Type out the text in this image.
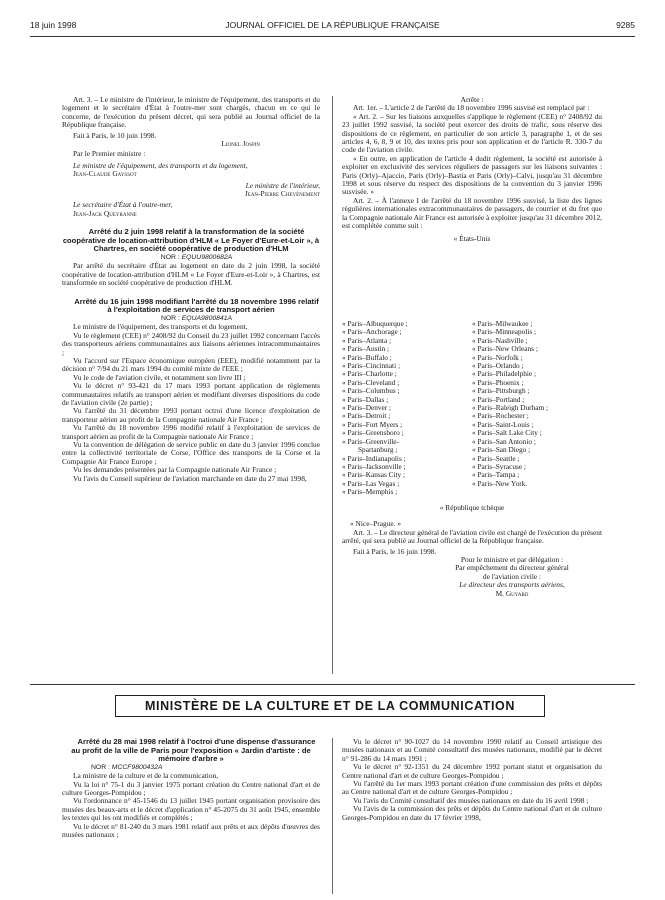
18 juin 1998	JOURNAL OFFICIEL DE LA RÉPUBLIQUE FRANÇAISE	9285

Art. 3. – Le ministre de l'intérieur, le ministre de l'équipement, des transports et du logement et le secrétaire d'État à l'outre-mer sont chargés, chacun en ce qui le concerne, de l'exécution du présent décret, qui sera publié au Journal officiel de la République française.

Fait à Paris, le 10 juin 1998.

Lionel Jospin

Par le Premier ministre :

Le ministre de l'équipement, des transports et du logement,

Jean-Claude Gayssot

Le ministre de l'intérieur,

Jean-Pierre Chevènement

Le secrétaire d'État à l'outre-mer,

Jean-Jack Queyranne

Arrêté du 2 juin 1998 relatif à la transformation de la société coopérative de location-attribution d'HLM « Le Foyer d'Eure-et-Loir », à Chartres, en société coopérative de production d'HLM

NOR : EQUU9800682A

Par arrêté du secrétaire d'État au logement en date du 2 juin 1998, la société coopérative de location-attribution d'HLM « Le Foyer d'Eure-et-Loir », à Chartres, est transformée en société coopérative de production d'HLM.

Arrêté du 16 juin 1998 modifiant l'arrêté du 18 novembre 1996 relatif à l'exploitation de services de transport aérien

NOR : EQUA9800841A

Le ministre de l'équipement, des transports et du logement,

Vu le règlement (CEE) n° 2408/92 du Conseil du 23 juillet 1992 concernant l'accès des transporteurs aériens communautaires aux liaisons aériennes intracommunautaires ;

Vu l'accord sur l'Espace économique européen (EEE), modifié notamment par la décision n° 7/94 du 21 mars 1994 du comité mixte de l'EEE ;

Vu le code de l'aviation civile, et notamment son livre III ;

Vu le décret n° 93-421 du 17 mars 1993 portant application de règlements communautaires relatifs au transport aérien et modifiant diverses dispositions du code de l'aviation civile (2e partie) ;

Vu l'arrêté du 31 décembre 1993 portant octroi d'une licence d'exploitation de transporteur aérien au profit de la Compagnie nationale Air France ;

Vu l'arrêté du 18 novembre 1996 modifié relatif à l'exploitation de services de transport aérien au profit de la Compagnie nationale Air France ;

Vu la convention de délégation de service public en date du 3 janvier 1996 conclue entre la collectivité territoriale de Corse, l'Office des transports de la Corse et la Compagnie Air France Europe ;

Vu les demandes présentées par la Compagnie nationale Air France ;

Vu l'avis du Conseil supérieur de l'aviation marchande en date du 27 mai 1998,

Arrête :

Art. 1er. – L'article 2 de l'arrêté du 18 novembre 1996 susvisé est remplacé par :

« Art. 2. – Sur les liaisons auxquelles s'applique le règlement (CEE) n° 2408/92 du 23 juillet 1992 susvisé, la société peut exercer des droits de trafic, sous réserve des dispositions de ce règlement, en particulier de son article 3, paragraphe 1, et de ses articles 4, 6, 8, 9 et 10, des textes pris pour son application et de l'article R. 330-7 du code de l'aviation civile.

« En outre, en application de l'article 4 dudit règlement, la société est autorisée à exploiter en exclusivité des services réguliers de passagers sur les liaisons suivantes : Paris (Orly)–Ajaccio, Paris (Orly)–Bastia et Paris (Orly)–Calvi, jusqu'au 31 décembre 1998 et sous réserve du respect des dispositions de la convention du 3 janvier 1996 susvisée. »

Art. 2. – À l'annexe I de l'arrêté du 18 novembre 1996 susvisé, la liste des lignes régulières internationales extracommunautaires de passagers, de courrier et du fret que la Compagnie nationale Air France est autorisée à exploiter jusqu'au 31 décembre 2012, est complétée comme suit :

« États-Unis

« Paris–Albuquerque ;
« Paris–Anchorage ;
« Paris–Atlanta ;
« Paris–Austin ;
« Paris–Buffalo ;
« Paris–Cincinnati ;
« Paris–Charlotte ;
« Paris–Cleveland ;
« Paris–Columbus ;
« Paris–Dallas ;
« Paris–Denver ;
« Paris–Detroit ;
« Paris–Fort Myers ;
« Paris–Greensboro ;
« Paris–Greenville-
Spartanburg ;
« Paris–Indianapolis ;
« Paris–Jacksonville ;
« Paris–Kansas City ;
« Paris–Las Vegas ;
« Paris–Memphis ;
« Paris–Milwaukee ;
« Paris–Minneapolis ;
« Paris–Nashville ;
« Paris–New Orleans ;
« Paris–Norfolk ;
« Paris–Orlando ;
« Paris–Philadelphie ;
« Paris–Phoenix ;
« Paris–Pittsburgh ;
« Paris–Portland ;
« Paris–Raleigh Durham ;
« Paris–Rochester ;
« Paris–Saint-Louis ;
« Paris–Salt Lake City ;
« Paris–San Antonio ;
« Paris–San Diego ;
« Paris–Seattle ;
« Paris–Syracuse ;
« Paris–Tampa ;
« Paris–New York.

« République tchèque

« Nice–Prague. »

Art. 3. – Le directeur général de l'aviation civile est chargé de l'exécution du présent arrêté, qui sera publié au Journal officiel de la République française.

Fait à Paris, le 16 juin 1998.

Pour le ministre et par délégation :
Par empêchement du directeur général
de l'aviation civile :
Le directeur des transports aériens,
M. Guyard
MINISTÈRE DE LA CULTURE ET DE LA COMMUNICATION

Arrêté du 28 mai 1998 relatif à l'octroi d'une dispense d'assurance au profit de la ville de Paris pour l'exposition « Jardin d'artiste : de mémoire d'arbre »

NOR : MCCF9800432A

La ministre de la culture et de la communication,

Vu la loi n° 75-1 du 3 janvier 1975 portant création du Centre national d'art et de culture Georges-Pompidou ;

Vu l'ordonnance n° 45-1546 du 13 juillet 1945 portant organisation provisoire des musées des beaux-arts et le décret d'application n° 45-2075 du 31 août 1945, ensemble les textes qui les ont modifiés et complétés ;

Vu le décret n° 81-240 du 3 mars 1981 relatif aux prêts et aux dépôts d'œuvres des musées nationaux ;

Vu le décret n° 90-1027 du 14 novembre 1990 relatif au Conseil artistique des musées nationaux et au Comité consultatif des musées nationaux, modifié par le décret n° 91-286 du 14 mars 1991 ;

Vu le décret n° 92-1351 du 24 décembre 1992 portant statut et organisation du Centre national d'art et de culture Georges-Pompidou ;

Vu l'arrêté du 1er mars 1993 portant création d'une commission des prêts et dépôts au Centre national d'art et de culture Georges-Pompidou ;

Vu l'avis du Comité consultatif des musées nationaux en date du 16 avril 1998 ;

Vu l'avis de la commission des prêts et dépôts du Centre national d'art et de culture Georges-Pompidou en date du 17 février 1998,
